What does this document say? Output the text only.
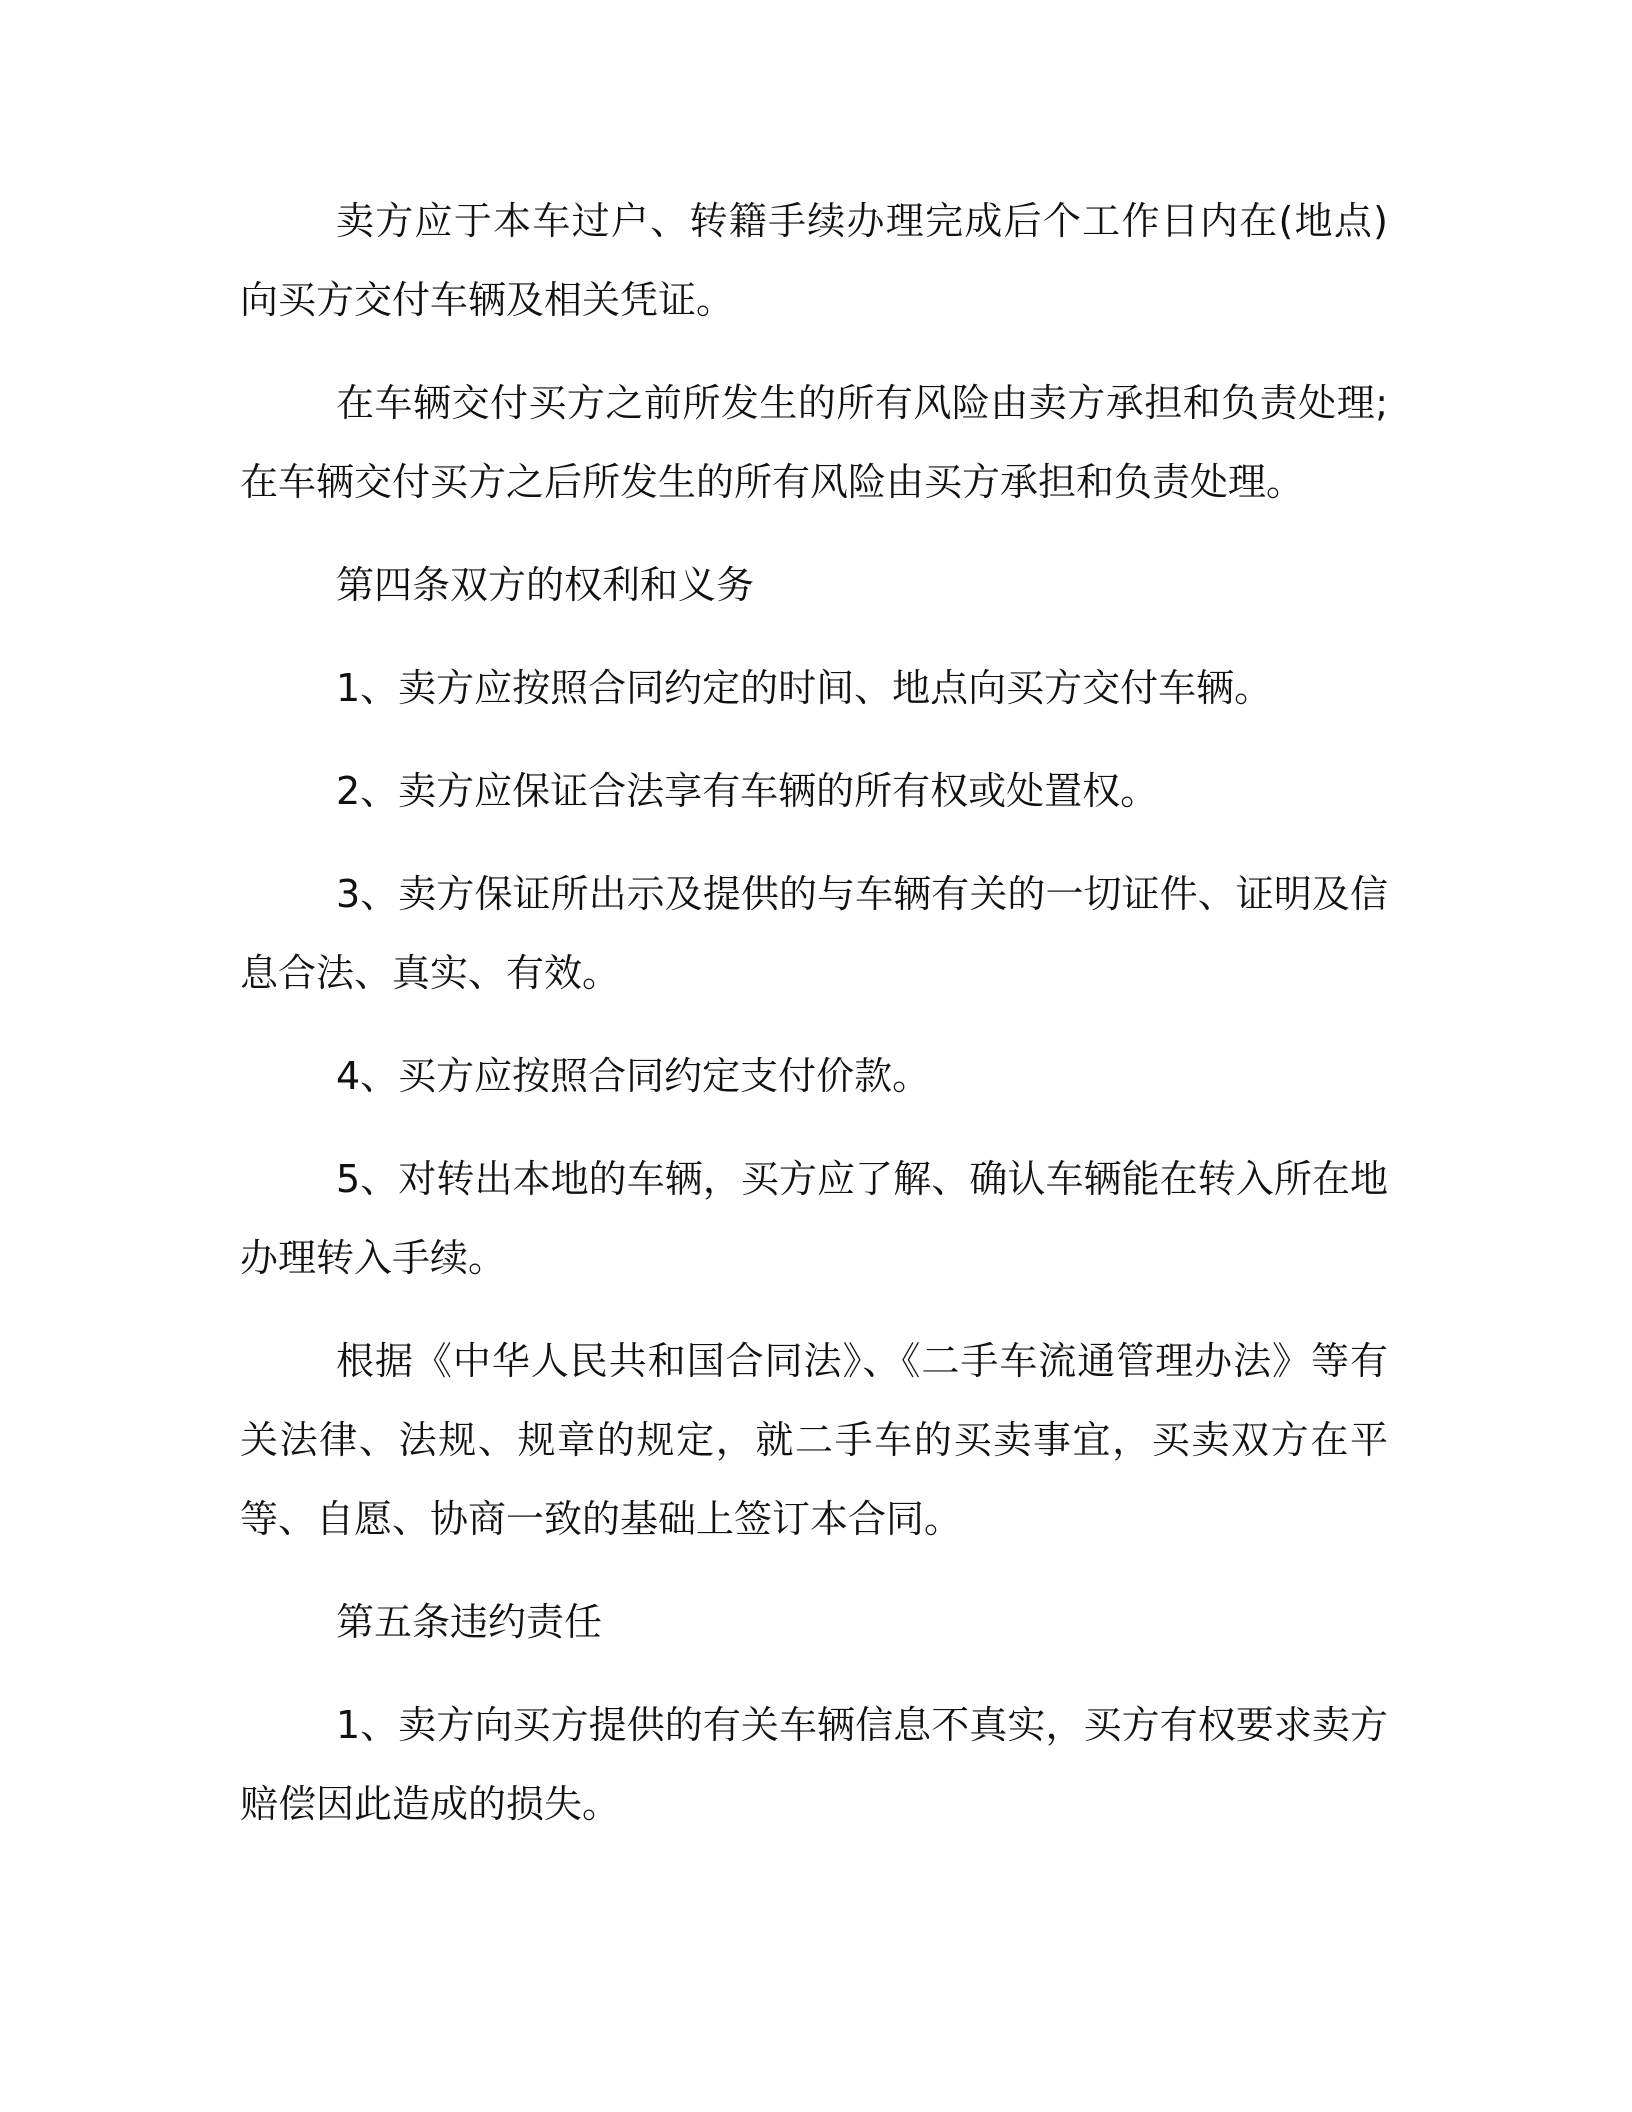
卖方应于本车过户、转籍手续办理完成后个工作日内在(地点)向买方交付车辆及相关凭证。

在车辆交付买方之前所发生的所有风险由卖方承担和负责处理;在车辆交付买方之后所发生的所有风险由买方承担和负责处理。

第四条双方的权利和义务

1、卖方应按照合同约定的时间、地点向买方交付车辆。

2、卖方应保证合法享有车辆的所有权或处置权。

3、卖方保证所出示及提供的与车辆有关的一切证件、证明及信息合法、真实、有效。

4、买方应按照合同约定支付价款。

5、对转出本地的车辆，买方应了解、确认车辆能在转入所在地办理转入手续。

根据《中华人民共和国合同法》、《二手车流通管理办法》等有关法律、法规、规章的规定，就二手车的买卖事宜，买卖双方在平等、自愿、协商一致的基础上签订本合同。

第五条违约责任

1、卖方向买方提供的有关车辆信息不真实，买方有权要求卖方赔偿因此造成的损失。
